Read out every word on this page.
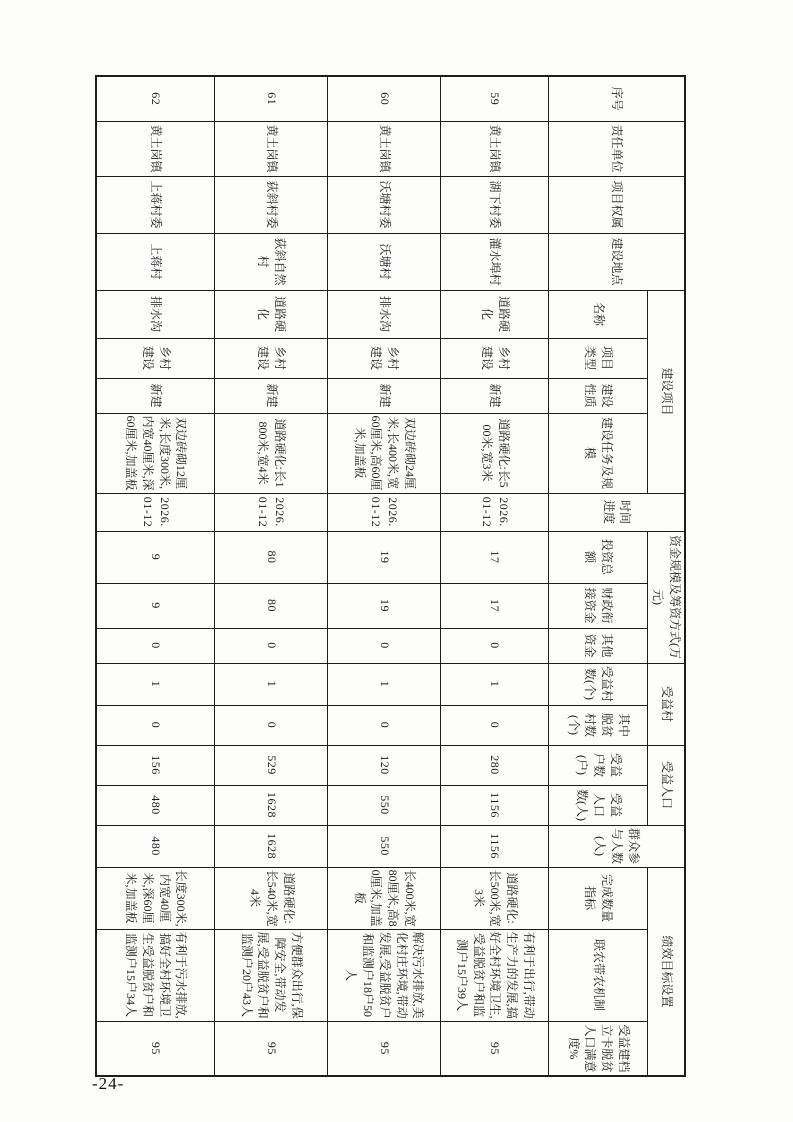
序号	责任单位	项目权属	建设地点	建设项目				时间进度	资金规模及筹资方式(万元)			受益村		受益人口		群众参与人数(人)	绩效目标设置		
				名称	项目类型	建设性质	建设任务及规模		投资总额	财政衔接资金	其他资金	受益村数(个)	其中脱贫村数(个)	受益户数(户)	受益人口数(人)		完成数量指标	联农带农机制	受益建档立卡脱贫人口满意度%
59	黄土岗镇	湖下村委	灌水埠村	道路硬化	乡村建设	新建	道路硬化:长500米,宽3米	2026.01-12	17	17	0	1	0	280	1156	1156	道路硬化:长500米,宽3米	有利于出行,带动生产力的发展,搞好全村环境卫生,受益脱贫户和监测户15户39人	95
60	黄土岗镇	沃塘村委	沃塘村	排水沟	乡村建设	新建	双边砖砌24厘米,长400米,宽60厘米,高60厘米,加盖板	2026.01-12	19	19	0	1	0	120	550	550	长400米,宽80厘米,高80厘米,加盖板	解决污水排放,美化村庄环境,带动发展,受益脱贫户和监测户18户50人	95
61	黄土岗镇	荻斜村委	荻斜自然村	道路硬化	乡村建设	新建	道路硬化:长1800米,宽4米	2026.01-12	80	80	0	1	0	529	1628	1628	道路硬化:长540米,宽4米	方便群众出行,保障安全,带动发展,受益脱贫户和监测户20户43人	95
62	黄土岗镇	上蒋村委	上蒋村	排水沟	乡村建设	新建	双边砖砌12厘米,长度300米,内宽40厘米,深60厘米,加盖板	2026.01-12	9	9	0	1	0	156	480	480	长度300米,内宽40厘米,深60厘米,加盖板	有利于污水排放,搞好全村环境卫生受益脱贫户和监测户15户34人	95
-24-
